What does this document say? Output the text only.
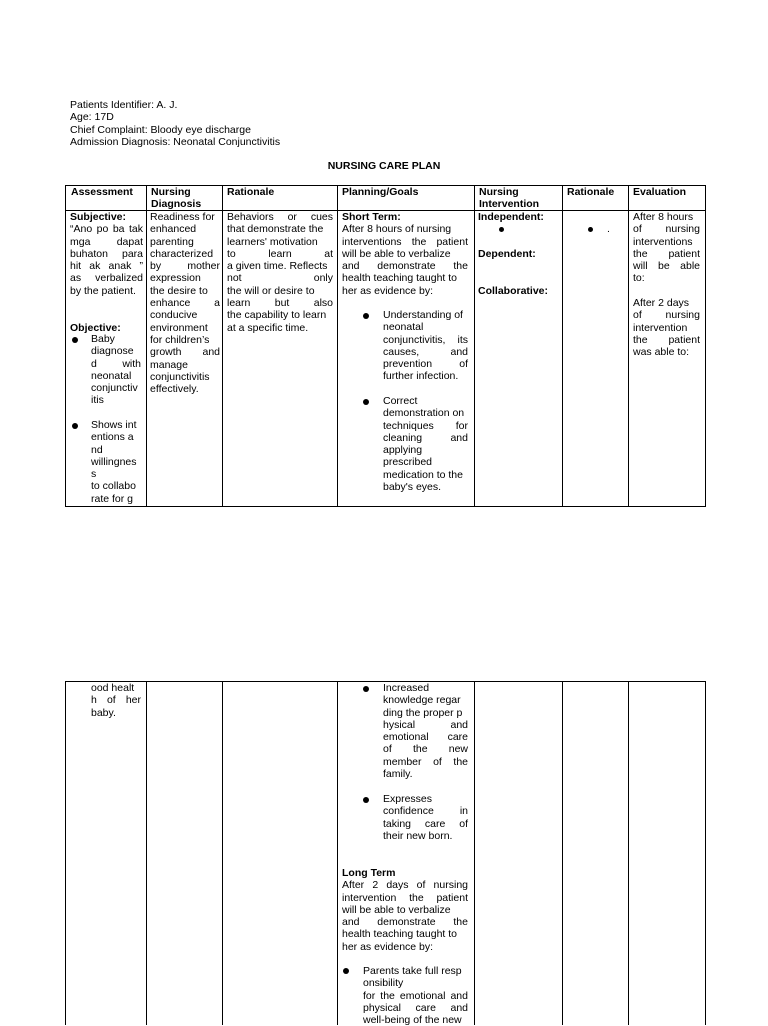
Patients Identifier: A. J.
Age: 17D
Chief Complaint: Bloody eye discharge
Admission Diagnosis: Neonatal Conjunctivitis
NURSING CARE PLAN
Assessment Nursing
Diagnosis
Rationale	Planning/Goals	Nursing
Intervention
Rationale Evaluation
Subjective:
“Ano po ba tak
mga dapat
buhaton para
hit ak anak ”
as verbalized
by the patient.
Objective:
Baby
diagnose
d with
neonatal
conjunctiv
itis
Shows int
entions a
nd
willingnes
s
to collabo
rate for g
Readiness for
enhanced
parenting
characterized
by mother
expression
the desire to
enhance a
conducive
environment
for children’s
growth and
manage
conjunctivitis
effectively.
Behaviors or cues
that demonstrate the
learners' motivation
to learn at
a given time. Reflects
not only
the will or desire to
learn but also
the capability to learn
at a specific time.
Short Term:
After 8 hours of nursing
interventions the patient
will be able to verbalize
and demonstrate the
health teaching taught to
her as evidence by:
Understanding of
neonatal
conjunctivitis, its
causes, and
prevention of
further infection.
Correct
demonstration on
techniques for
cleaning and
applying
prescribed
medication to the
baby's eyes.
Independent:
Dependent:
Collaborative:
.
After 8 hours
of nursing
interventions
the patient
will be able
to:
After 2 days
of nursing
intervention
the patient
was able to:
ood healt
h of her
baby.
Increased
knowledge regar
ding the proper p
hysical and
emotional care
of the new
member of the
family.
Expresses
confidence in
taking care of
their new born.
Long Term
After 2 days of nursing
intervention the patient
will be able to verbalize
and demonstrate the
health teaching taught to
her as evidence by:
Parents take full resp
onsibility
for the emotional and
physical care and
well-being of the new
